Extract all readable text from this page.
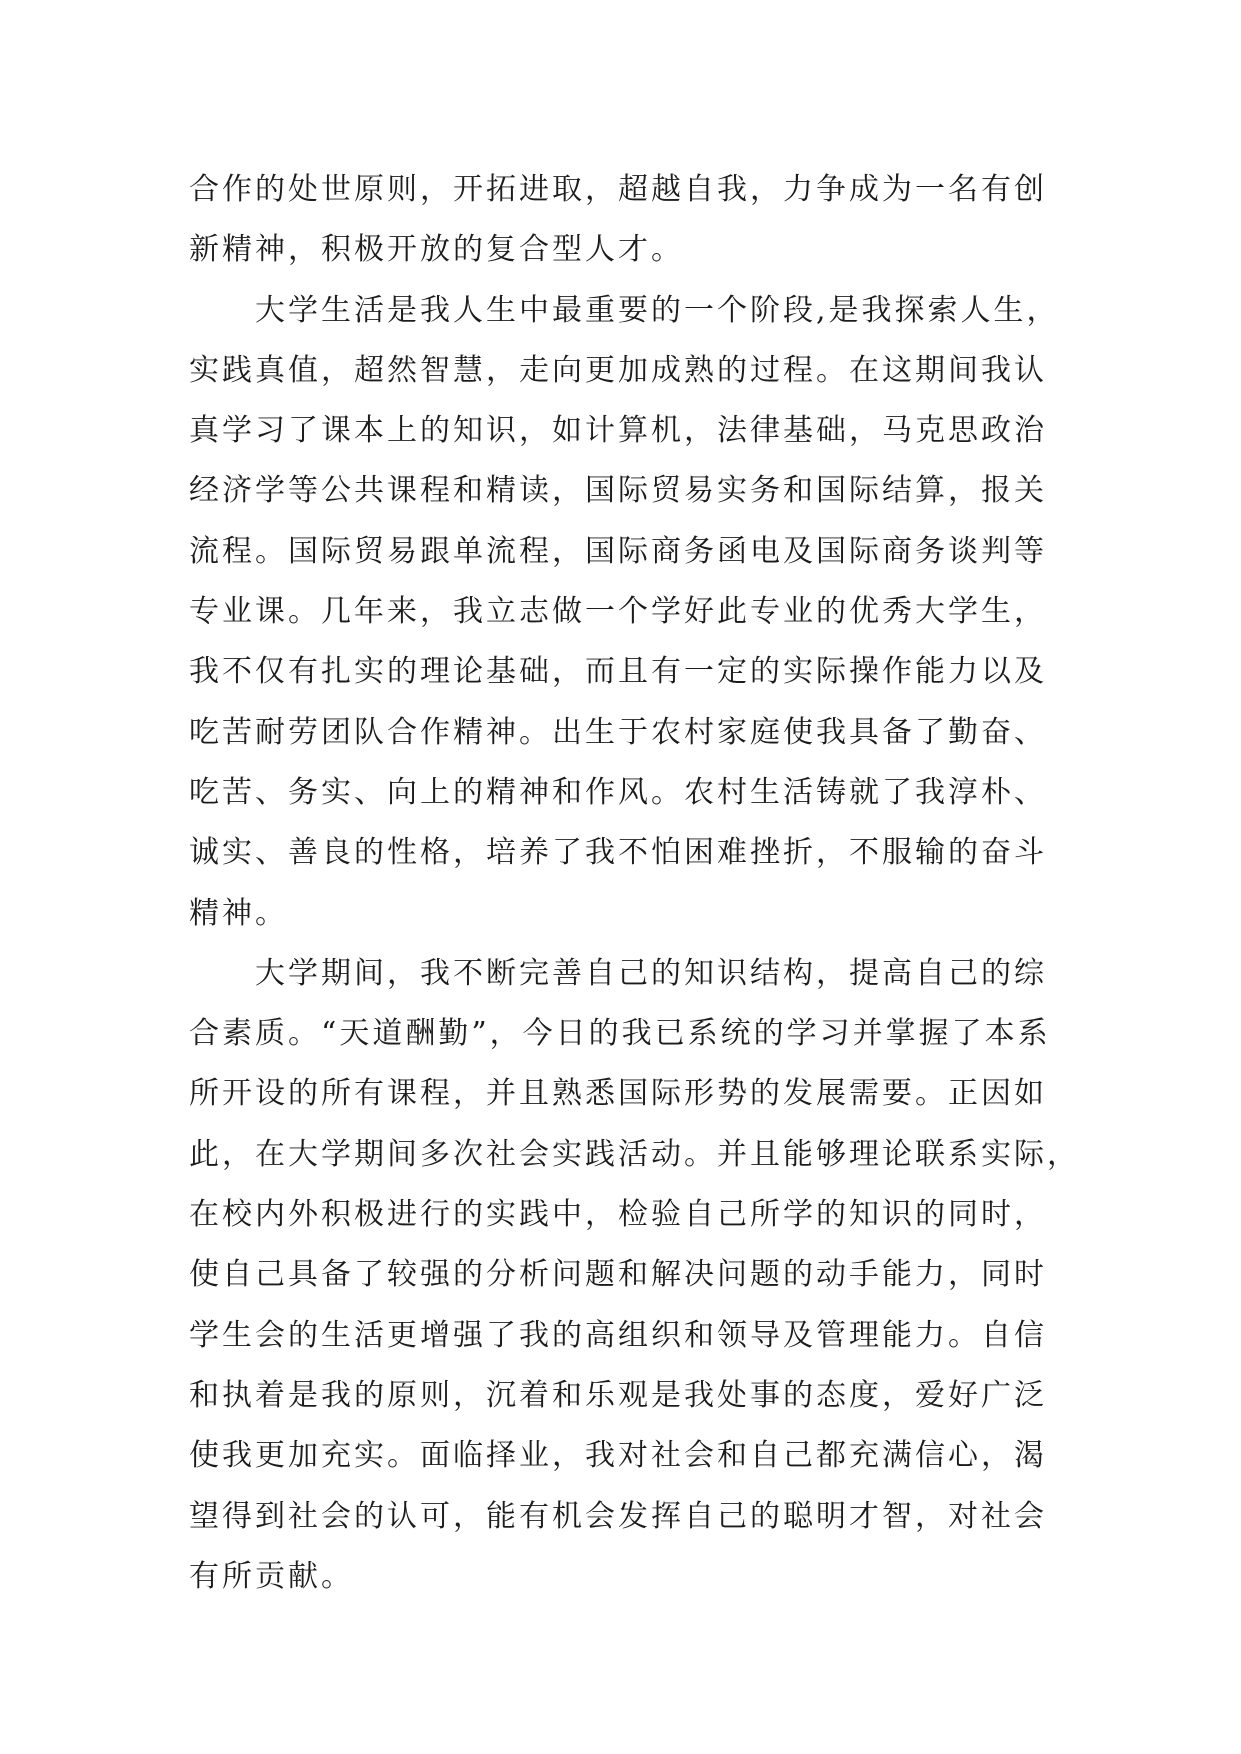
合作的处世原则，开拓进取，超越自我，力争成为一名有创
新精神，积极开放的复合型人才。
大学生活是我人生中最重要的一个阶段,是我探索人生，
实践真值，超然智慧，走向更加成熟的过程。在这期间我认
真学习了课本上的知识，如计算机，法律基础，马克思政治
经济学等公共课程和精读，国际贸易实务和国际结算，报关
流程。国际贸易跟单流程，国际商务函电及国际商务谈判等
专业课。几年来，我立志做一个学好此专业的优秀大学生，
我不仅有扎实的理论基础，而且有一定的实际操作能力以及
吃苦耐劳团队合作精神。出生于农村家庭使我具备了勤奋、
吃苦、务实、向上的精神和作风。农村生活铸就了我淳朴、
诚实、善良的性格，培养了我不怕困难挫折，不服输的奋斗
精神。
大学期间，我不断完善自己的知识结构，提高自己的综
合素质。“天道酬勤”，今日的我已系统的学习并掌握了本系
所开设的所有课程，并且熟悉国际形势的发展需要。正因如
此，在大学期间多次社会实践活动。并且能够理论联系实际，
在校内外积极进行的实践中，检验自己所学的知识的同时，
使自己具备了较强的分析问题和解决问题的动手能力，同时
学生会的生活更增强了我的高组织和领导及管理能力。自信
和执着是我的原则，沉着和乐观是我处事的态度，爱好广泛
使我更加充实。面临择业，我对社会和自己都充满信心，渴
望得到社会的认可，能有机会发挥自己的聪明才智，对社会
有所贡献。
